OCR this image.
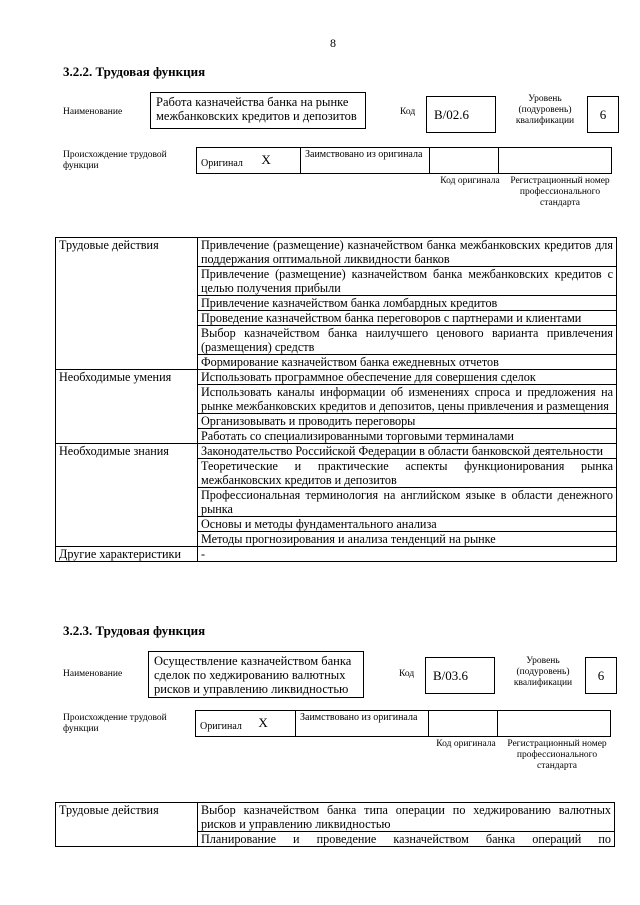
8
3.2.2. Трудовая функция
Наименование
Работа казначейства банка на рынке межбанковских кредитов и депозитов	Код B/02.6
Уровень (подуровень) квалификации	6
Происхождение трудовой функции	Оригинал X	Заимствовано из оригинала		
Код оригинала	Регистрационный номер профессионального стандарта
Трудовые действия	Привлечение (размещение) казначейством банка межбанковских кредитов для поддержания оптимальной ликвидности банков
	Привлечение (размещение) казначейством банка межбанковских кредитов с целью получения прибыли
	Привлечение казначейством банка ломбардных кредитов
	Проведение казначейством банка переговоров с партнерами и клиентами
	Выбор казначейством банка наилучшего ценового варианта привлечения (размещения) средств
	Формирование казначейством банка ежедневных отчетов
Необходимые умения	Использовать программное обеспечение для совершения сделок
	Использовать каналы информации об изменениях спроса и предложения на рынке межбанковских кредитов и депозитов, цены привлечения и размещения
	Организовывать и проводить переговоры
	Работать со специализированными торговыми терминалами
Необходимые знания	Законодательство Российской Федерации в области банковской деятельности
	Теоретические и практические аспекты функционирования рынка межбанковских кредитов и депозитов
	Профессиональная терминология на английском языке в области денежного рынка
	Основы и методы фундаментального анализа
	Методы прогнозирования и анализа тенденций на рынке
Другие характеристики	-
3.2.3. Трудовая функция
Наименование
Осуществление казначейством банка сделок по хеджированию валютных рисков и управлению ликвидностью
Код B/03.6
Уровень (подуровень) квалификации
6
Происхождение трудовой функции	Оригинал X	Заимствовано из оригинала		
Код оригинала	Регистрационный номер профессионального стандарта
Трудовые действия	Выбор казначейством банка типа операции по хеджированию валютных рисков и управлению ликвидностью
Планирование и проведение казначейством банка операций по
